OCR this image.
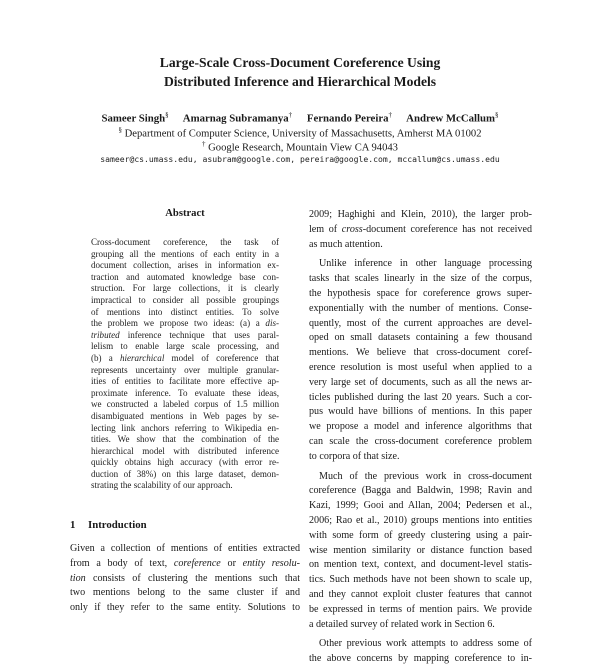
Large-Scale Cross-Document Coreference Using
Distributed Inference and Hierarchical Models
Sameer Singh§ Amarnag Subramanya† Fernando Pereira† Andrew McCallum§
§ Department of Computer Science, University of Massachusetts, Amherst MA 01002
† Google Research, Mountain View CA 94043
sameer@cs.umass.edu, asubram@google.com, pereira@google.com, mccallum@cs.umass.edu
Abstract
Cross-document coreference, the task of
grouping all the mentions of each entity in a
document collection, arises in information ex-
traction and automated knowledge base con-
struction. For large collections, it is clearly
impractical to consider all possible groupings
of mentions into distinct entities. To solve
the problem we propose two ideas: (a) a dis-
tributed inference technique that uses paral-
lelism to enable large scale processing, and
(b) a hierarchical model of coreference that
represents uncertainty over multiple granular-
ities of entities to facilitate more effective ap-
proximate inference. To evaluate these ideas,
we constructed a labeled corpus of 1.5 million
disambiguated mentions in Web pages by se-
lecting link anchors referring to Wikipedia en-
tities. We show that the combination of the
hierarchical model with distributed inference
quickly obtains high accuracy (with error re-
duction of 38%) on this large dataset, demon-
strating the scalability of our approach.
1 Introduction
Given a collection of mentions of entities extracted
from a body of text, coreference or entity resolu-
tion consists of clustering the mentions such that
two mentions belong to the same cluster if and
only if they refer to the same entity. Solutions to
2009; Haghighi and Klein, 2010), the larger prob-
lem of cross-document coreference has not received
as much attention.
Unlike inference in other language processing
tasks that scales linearly in the size of the corpus,
the hypothesis space for coreference grows super-
exponentially with the number of mentions. Conse-
quently, most of the current approaches are devel-
oped on small datasets containing a few thousand
mentions. We believe that cross-document coref-
erence resolution is most useful when applied to a
very large set of documents, such as all the news ar-
ticles published during the last 20 years. Such a cor-
pus would have billions of mentions. In this paper
we propose a model and inference algorithms that
can scale the cross-document coreference problem
to corpora of that size.
Much of the previous work in cross-document
coreference (Bagga and Baldwin, 1998; Ravin and
Kazi, 1999; Gooi and Allan, 2004; Pedersen et al.,
2006; Rao et al., 2010) groups mentions into entities
with some form of greedy clustering using a pair-
wise mention similarity or distance function based
on mention text, context, and document-level statis-
tics. Such methods have not been shown to scale up,
and they cannot exploit cluster features that cannot
be expressed in terms of mention pairs. We provide
a detailed survey of related work in Section 6.
Other previous work attempts to address some of
the above concerns by mapping coreference to in-
